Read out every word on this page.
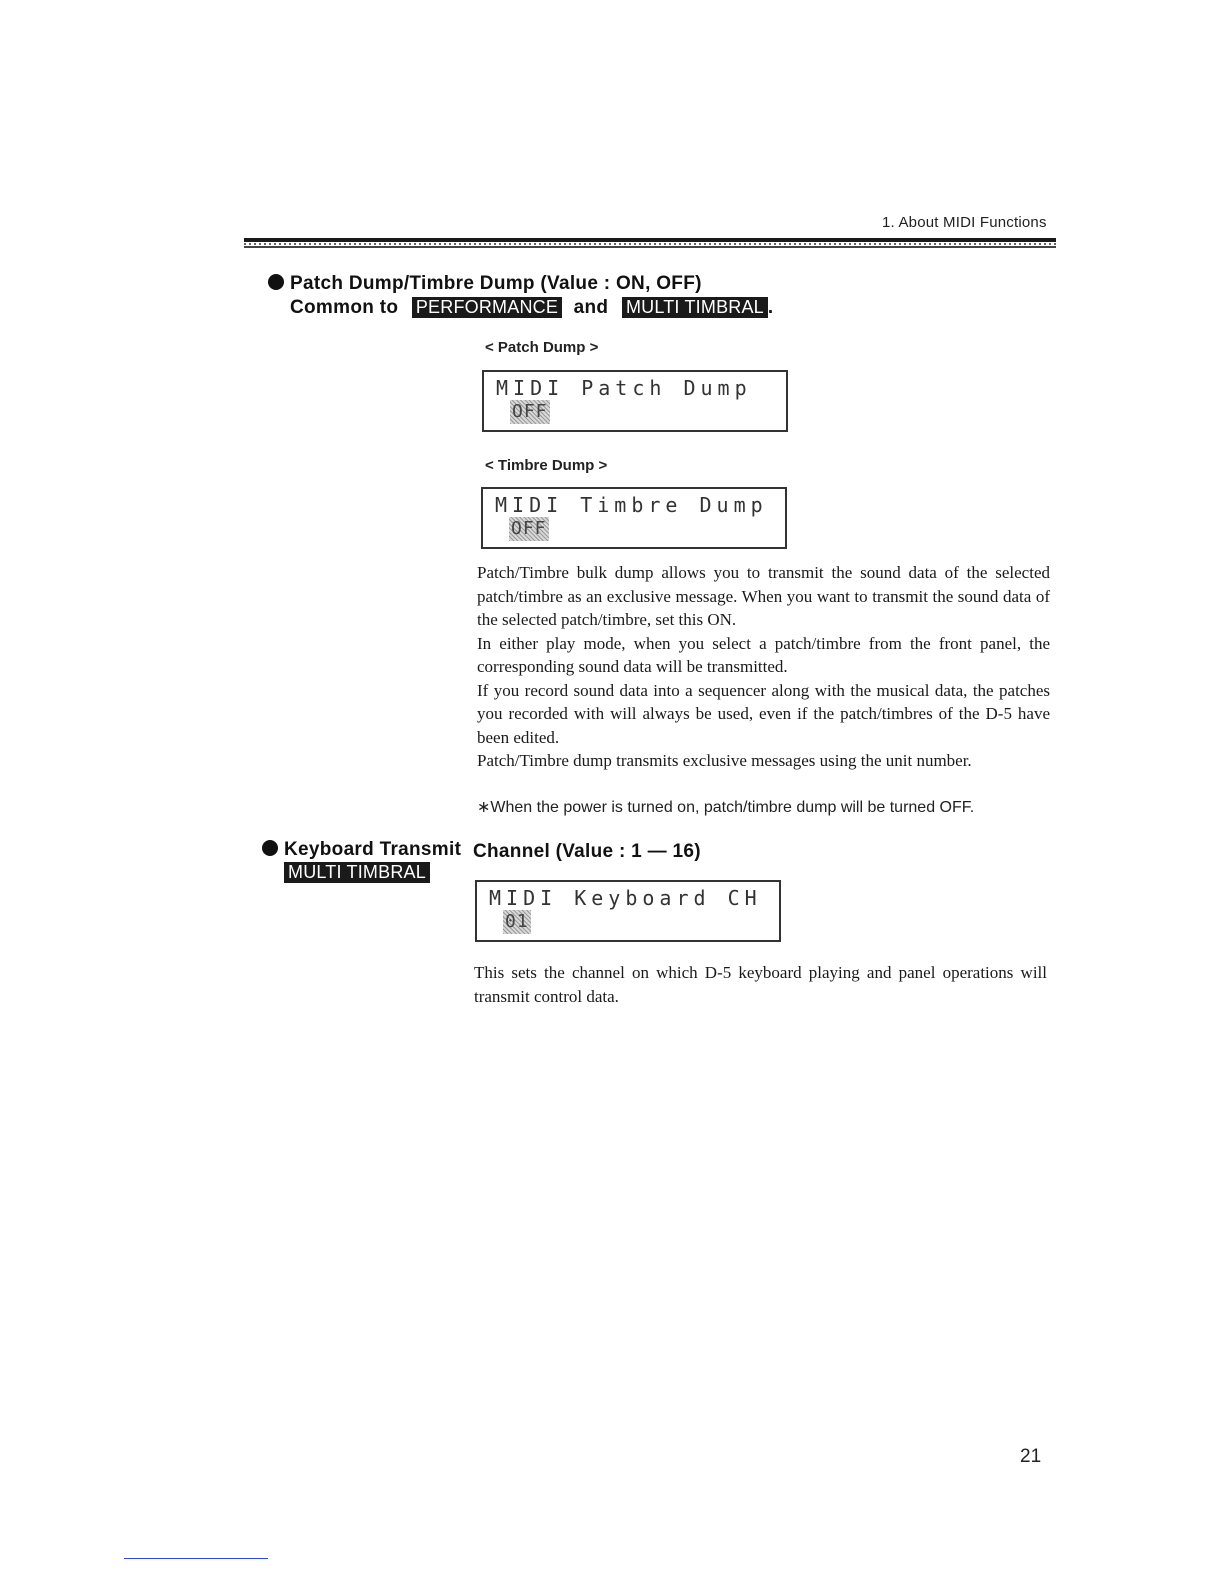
1. About MIDI Functions
Patch Dump/Timbre Dump (Value : ON, OFF)
Common to PERFORMANCE and MULTI TIMBRAL .
< Patch Dump >
MIDI Patch Dump
OFF
< Timbre Dump >
MIDI Timbre Dump
OFF

Patch/Timbre bulk dump allows you to transmit the sound data of the selected patch/timbre as an exclusive message. When you want to transmit the sound data of the selected patch/timbre, set this ON.

In either play mode, when you select a patch/timbre from the front panel, the corresponding sound data will be transmitted.

If you record sound data into a sequencer along with the musical data, the patches you recorded with will always be used, even if the patch/timbres of the D-5 have been edited.

Patch/Timbre dump transmits exclusive messages using the unit number.

∗When the power is turned on, patch/timbre dump will be turned OFF.
Keyboard Transmit Channel (Value : 1 — 16)
MULTI TIMBRAL
MIDI Keyboard CH
01
This sets the channel on which D-5 keyboard playing and panel operations will transmit control data.
21
